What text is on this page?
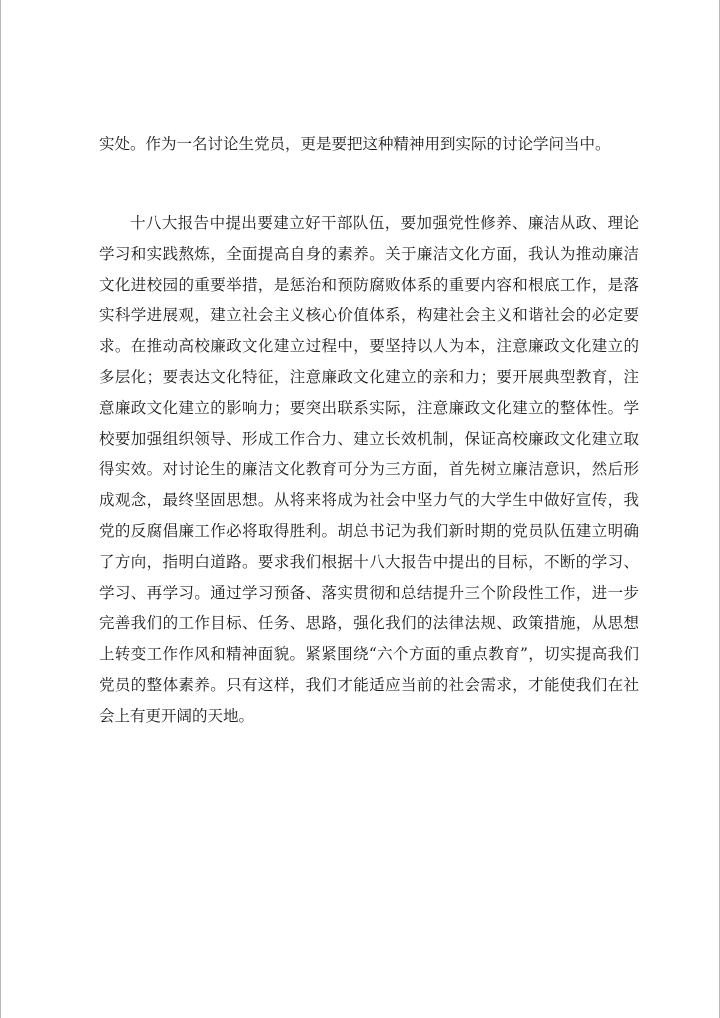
实处。作为一名讨论生党员，更是要把这种精神用到实际的讨论学问当中。

十八大报告中提出要建立好干部队伍，要加强党性修养、廉洁从政、理论学习和实践熬炼，全面提高自身的素养。关于廉洁文化方面，我认为推动廉洁文化进校园的重要举措，是惩治和预防腐败体系的重要内容和根底工作，是落实科学进展观，建立社会主义核心价值体系，构建社会主义和谐社会的必定要求。在推动高校廉政文化建立过程中，要坚持以人为本，注意廉政文化建立的多层化；要表达文化特征，注意廉政文化建立的亲和力；要开展典型教育，注意廉政文化建立的影响力；要突出联系实际，注意廉政文化建立的整体性。学校要加强组织领导、形成工作合力、建立长效机制，保证高校廉政文化建立取得实效。对讨论生的廉洁文化教育可分为三方面，首先树立廉洁意识，然后形成观念，最终坚固思想。从将来将成为社会中坚力气的大学生中做好宣传，我党的反腐倡廉工作必将取得胜利。胡总书记为我们新时期的党员队伍建立明确了方向，指明白道路。要求我们根据十八大报告中提出的目标，不断的学习、学习、再学习。通过学习预备、落实贯彻和总结提升三个阶段性工作，进一步完善我们的工作目标、任务、思路，强化我们的法律法规、政策措施，从思想上转变工作作风和精神面貌。紧紧围绕“六个方面的重点教育”，切实提高我们党员的整体素养。只有这样，我们才能适应当前的社会需求，才能使我们在社会上有更开阔的天地。
